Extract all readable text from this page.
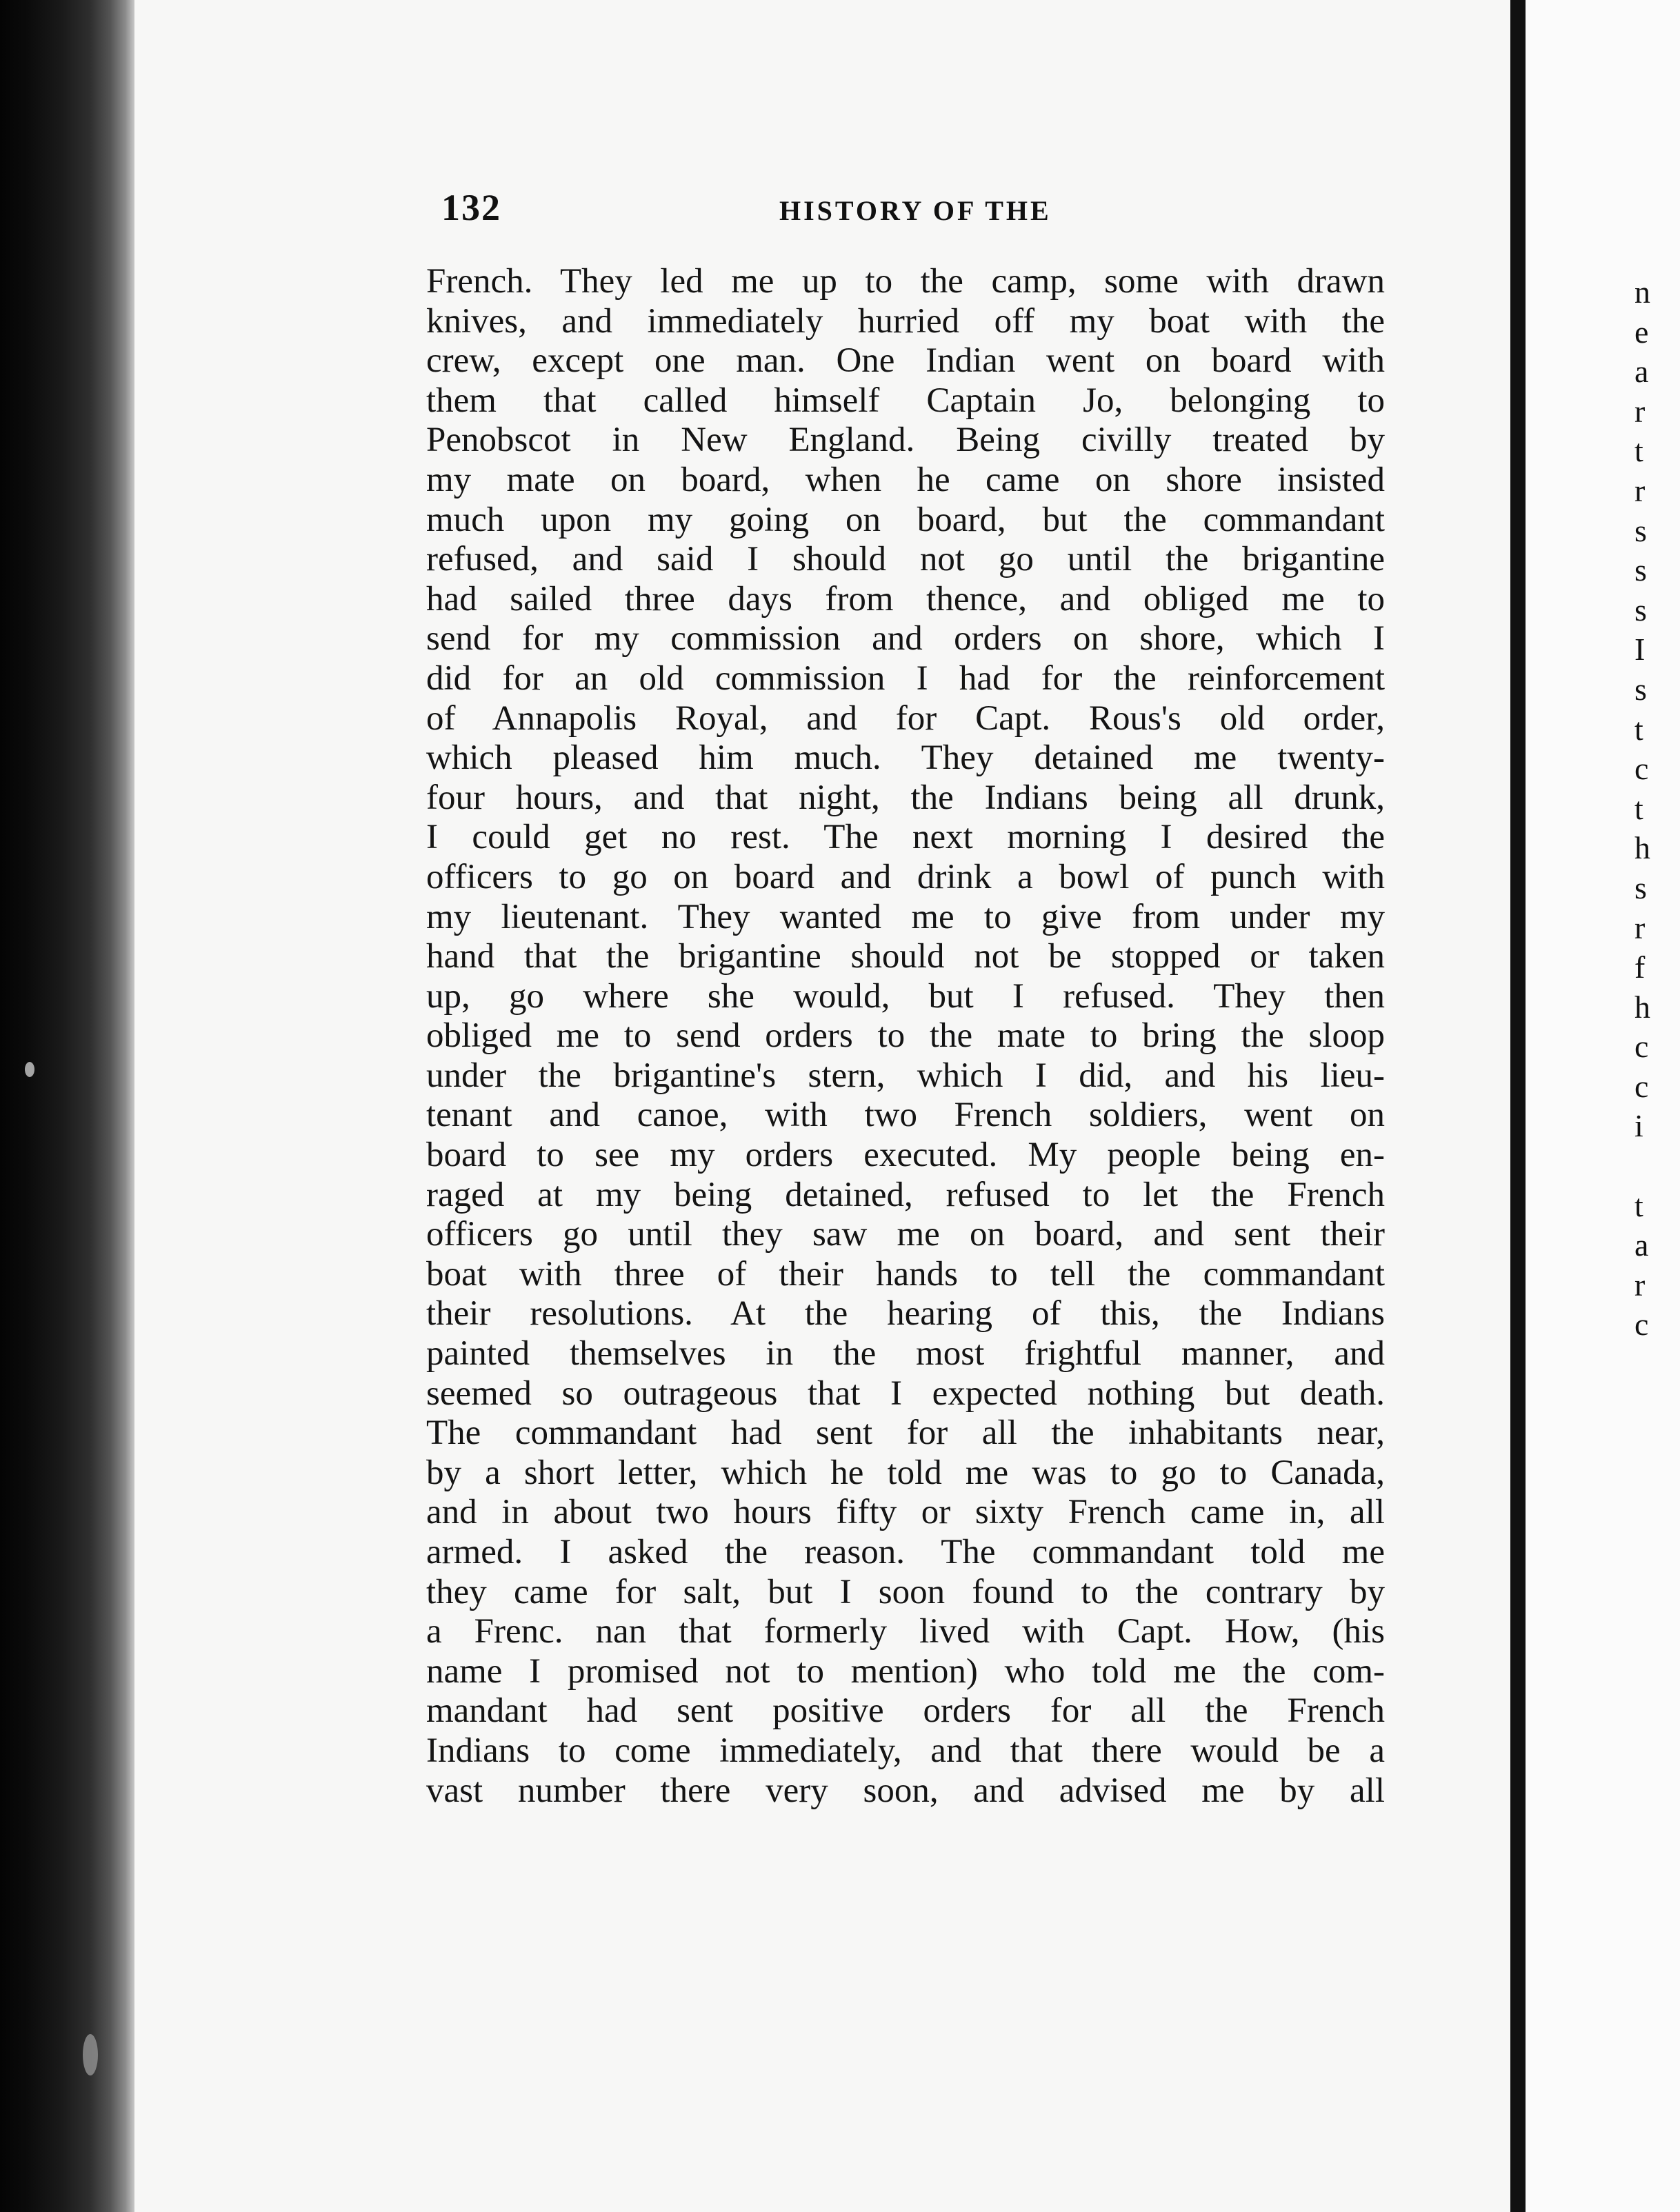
n
e
a
r
t
r
s
s
s
I
s
t
c
t
h
s
r
f
h
c
c
i
t
a
r
c
132	HISTORY OF THE
French. They led me up to the camp, some with drawn
knives, and immediately hurried off my boat with the
crew, except one man. One Indian went on board with
them that called himself Captain Jo, belonging to
Penobscot in New England. Being civilly treated by
my mate on board, when he came on shore insisted
much upon my going on board, but the commandant
refused, and said I should not go until the brigantine
had sailed three days from thence, and obliged me to
send for my commission and orders on shore, which I
did for an old commission I had for the reinforcement
of Annapolis Royal, and for Capt. Rous's old order,
which pleased him much. They detained me twenty-
four hours, and that night, the Indians being all drunk,
I could get no rest. The next morning I desired the
officers to go on board and drink a bowl of punch with
my lieutenant. They wanted me to give from under my
hand that the brigantine should not be stopped or taken
up, go where she would, but I refused. They then
obliged me to send orders to the mate to bring the sloop
under the brigantine's stern, which I did, and his lieu-
tenant and canoe, with two French soldiers, went on
board to see my orders executed. My people being en-
raged at my being detained, refused to let the French
officers go until they saw me on board, and sent their
boat with three of their hands to tell the commandant
their resolutions. At the hearing of this, the Indians
painted themselves in the most frightful manner, and
seemed so outrageous that I expected nothing but death.
The commandant had sent for all the inhabitants near,
by a short letter, which he told me was to go to Canada,
and in about two hours fifty or sixty French came in, all
armed. I asked the reason. The commandant told me
they came for salt, but I soon found to the contrary by
a Frenc. nan that formerly lived with Capt. How, (his
name I promised not to mention) who told me the com-
mandant had sent positive orders for all the French
Indians to come immediately, and that there would be a
vast number there very soon, and advised me by all
